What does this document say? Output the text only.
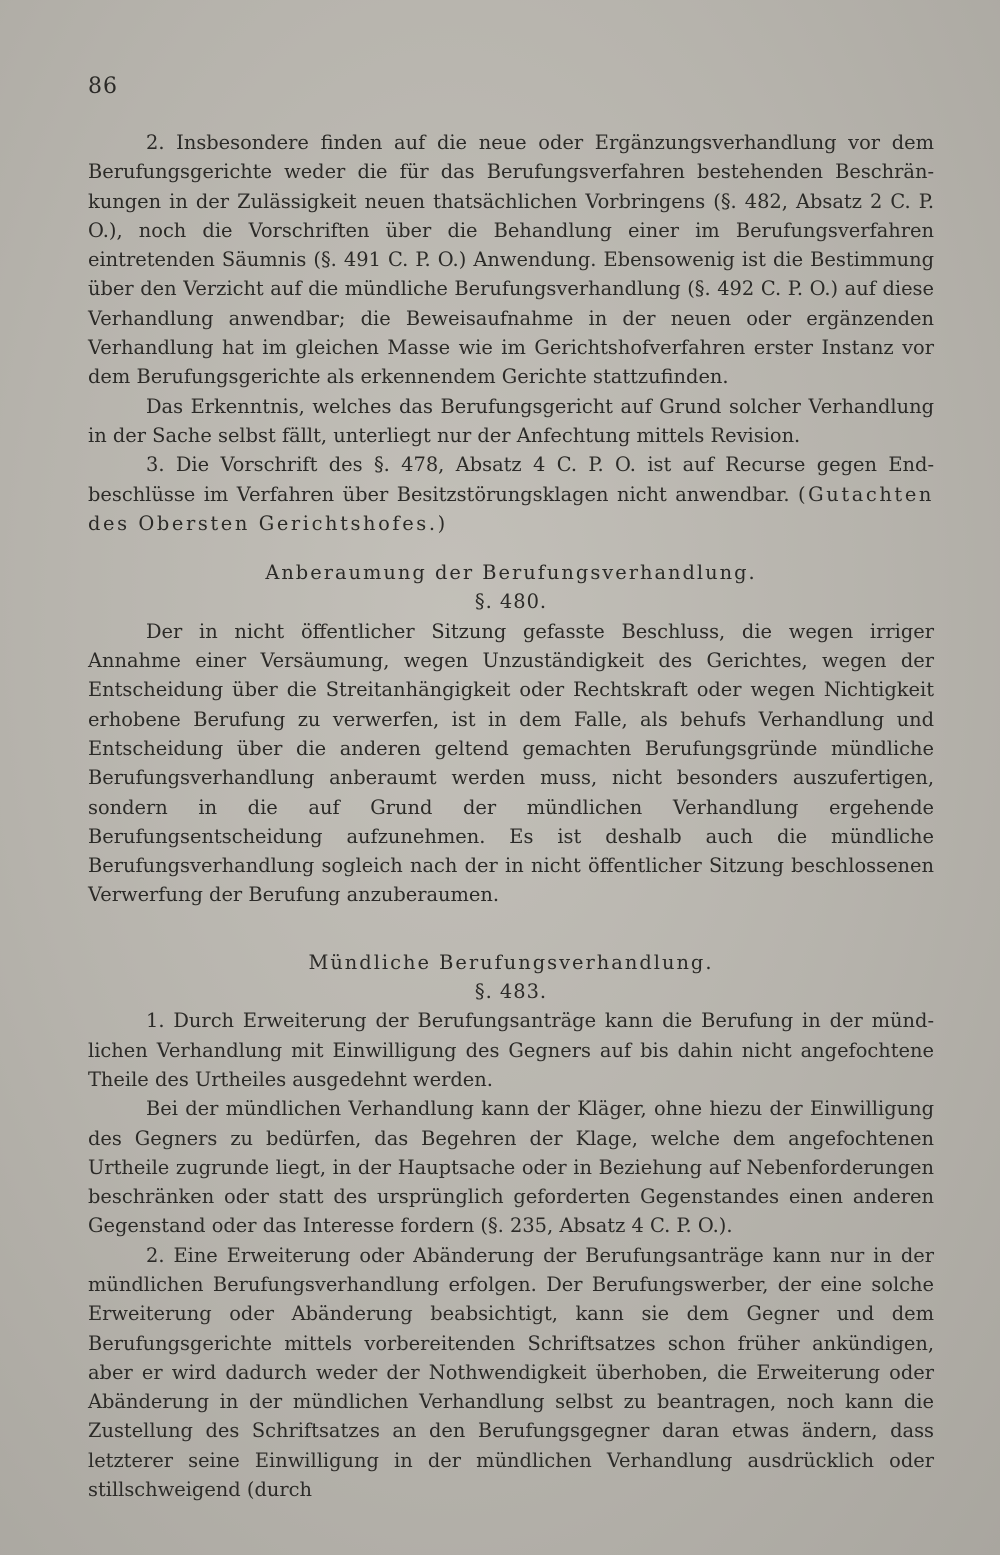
86

2. Insbesondere finden auf die neue oder Ergänzungsverhandlung vor dem Berufungsgerichte weder die für das Berufungsverfahren bestehenden Beschränkungen in der Zulässigkeit neuen thatsächlichen Vorbringens (§. 482, Absatz 2 C. P. O.), noch die Vorschriften über die Behandlung einer im Berufungsverfahren eintretenden Säumnis (§. 491 C. P. O.) Anwendung. Ebensowenig ist die Bestimmung über den Verzicht auf die mündliche Berufungsverhandlung (§. 492 C. P. O.) auf diese Verhandlung anwendbar; die Beweisaufnahme in der neuen oder ergänzenden Verhandlung hat im gleichen Masse wie im Gerichtshofverfahren erster Instanz vor dem Berufungsgerichte als erkennendem Gerichte stattzufinden.

Das Erkenntnis, welches das Berufungsgericht auf Grund solcher Verhandlung in der Sache selbst fällt, unterliegt nur der Anfechtung mittels Revision.

3. Die Vorschrift des §. 478, Absatz 4 C. P. O. ist auf Recurse gegen Endbeschlüsse im Verfahren über Besitzstörungsklagen nicht anwendbar. (Gutachten des Obersten Gerichtshofes.)

Anberaumung der Berufungsverhandlung.

§. 480.

Der in nicht öffentlicher Sitzung gefasste Beschluss, die wegen irriger Annahme einer Versäumung, wegen Unzuständigkeit des Gerichtes, wegen der Entscheidung über die Streitanhängigkeit oder Rechtskraft oder wegen Nichtigkeit erhobene Berufung zu verwerfen, ist in dem Falle, als behufs Verhandlung und Entscheidung über die anderen geltend gemachten Berufungsgründe mündliche Berufungsverhandlung anberaumt werden muss, nicht besonders auszufertigen, sondern in die auf Grund der mündlichen Verhandlung ergehende Berufungsentscheidung aufzunehmen. Es ist deshalb auch die mündliche Berufungsverhandlung sogleich nach der in nicht öffentlicher Sitzung beschlossenen Verwerfung der Berufung anzuberaumen.

Mündliche Berufungsverhandlung.

§. 483.

1. Durch Erweiterung der Berufungsanträge kann die Berufung in der mündlichen Verhandlung mit Einwilligung des Gegners auf bis dahin nicht angefochtene Theile des Urtheiles ausgedehnt werden.

Bei der mündlichen Verhandlung kann der Kläger, ohne hiezu der Einwilligung des Gegners zu bedürfen, das Begehren der Klage, welche dem angefochtenen Urtheile zugrunde liegt, in der Hauptsache oder in Beziehung auf Nebenforderungen beschränken oder statt des ursprünglich geforderten Gegenstandes einen anderen Gegenstand oder das Interesse fordern (§. 235, Absatz 4 C. P. O.).

2. Eine Erweiterung oder Abänderung der Berufungsanträge kann nur in der mündlichen Berufungsverhandlung erfolgen. Der Berufungswerber, der eine solche Erweiterung oder Abänderung beabsichtigt, kann sie dem Gegner und dem Berufungsgerichte mittels vorbereitenden Schriftsatzes schon früher ankündigen, aber er wird dadurch weder der Nothwendigkeit überhoben, die Erweiterung oder Abänderung in der mündlichen Verhandlung selbst zu beantragen, noch kann die Zustellung des Schriftsatzes an den Berufungsgegner daran etwas ändern, dass letzterer seine Einwilligung in der mündlichen Verhandlung ausdrücklich oder stillschweigend (durch
